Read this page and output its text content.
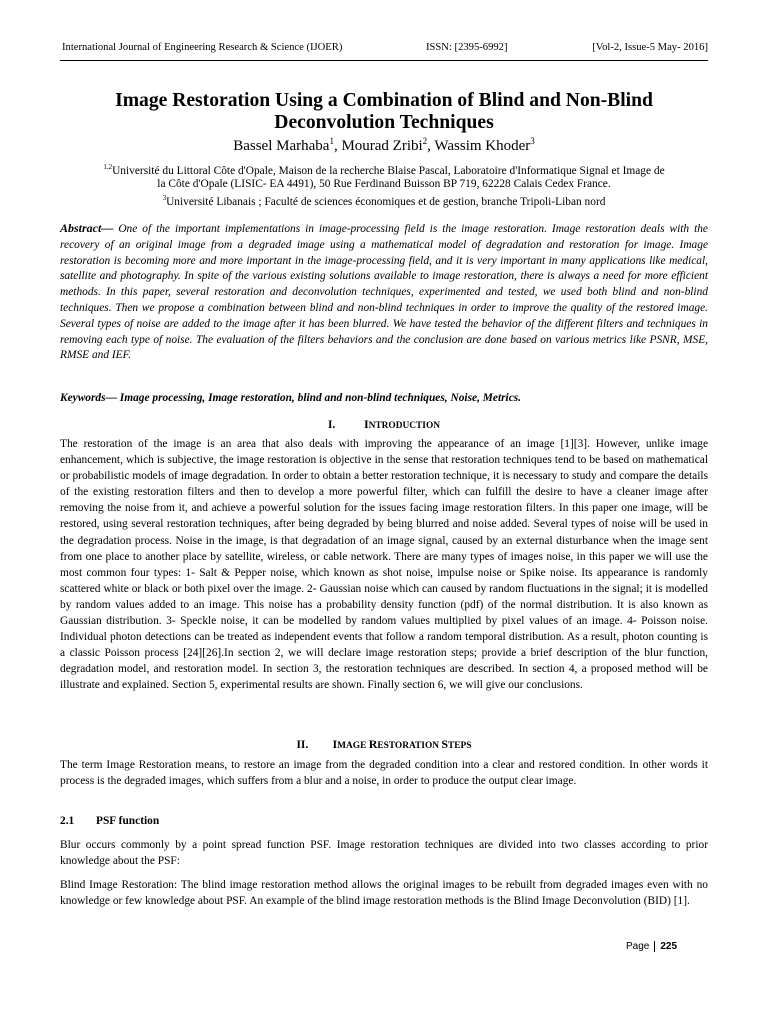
International Journal of Engineering Research & Science (IJOER)	ISSN: [2395-6992]	[Vol-2, Issue-5 May- 2016]
Image Restoration Using a Combination of Blind and Non-Blind
Deconvolution Techniques
Bassel Marhaba$^1$, Mourad Zribi$^2$, Wassim Khoder$^3$
$^{1,2}$Université du Littoral Côte d'Opale, Maison de la recherche Blaise Pascal, Laboratoire d'Informatique Signal et Image de
la Côte d'Opale (LISIC- EA 4491), 50 Rue Ferdinand Buisson BP 719, 62228 Calais Cedex France.
$^3$Université Libanais ; Faculté de sciences économiques et de gestion, branche Tripoli-Liban nord
Abstract— One of the important implementations in image-processing field is the image restoration. Image restoration deals with the recovery of an original image from a degraded image using a mathematical model of degradation and restoration for image. Image restoration is becoming more and more important in the image-processing field, and it is very important in many applications like medical, satellite and photography. In spite of the various existing solutions available to image restoration, there is always a need for more efficient methods. In this paper, several restoration and deconvolution techniques, experimented and tested, we used both blind and non-blind techniques. Then we propose a combination between blind and non-blind techniques in order to improve the quality of the restored image. Several types of noise are added to the image after it has been blurred. We have tested the behavior of the different filters and techniques in removing each type of noise. The evaluation of the filters behaviors and the conclusion are done based on various metrics like PSNR, MSE, RMSE and IEF.
Keywords— Image processing, Image restoration, blind and non-blind techniques, Noise, Metrics.
I. INTRODUCTION
The restoration of the image is an area that also deals with improving the appearance of an image [1][3]. However, unlike image enhancement, which is subjective, the image restoration is objective in the sense that restoration techniques tend to be based on mathematical or probabilistic models of image degradation. In order to obtain a better restoration technique, it is necessary to study and compare the details of the existing restoration filters and then to develop a more powerful filter, which can fulfill the desire to have a cleaner image after removing the noise from it, and achieve a powerful solution for the issues facing image restoration filters. In this paper one image, will be restored, using several restoration techniques, after being degraded by being blurred and noise added. Several types of noise will be used in the degradation process. Noise in the image, is that degradation of an image signal, caused by an external disturbance when the image sent from one place to another place by satellite, wireless, or cable network. There are many types of images noise, in this paper we will use the most common four types: 1- Salt & Pepper noise, which known as shot noise, impulse noise or Spike noise. Its appearance is randomly scattered white or black or both pixel over the image. 2- Gaussian noise which can caused by random fluctuations in the signal; it is modelled by random values added to an image. This noise has a probability density function (pdf) of the normal distribution. It is also known as Gaussian distribution. 3- Speckle noise, it can be modelled by random values multiplied by pixel values of an image. 4- Poisson noise. Individual photon detections can be treated as independent events that follow a random temporal distribution. As a result, photon counting is a classic Poisson process [24][26].In section 2, we will declare image restoration steps; provide a brief description of the blur function, degradation model, and restoration model. In section 3, the restoration techniques are described. In section 4, a proposed method will be illustrate and explained. Section 5, experimental results are shown. Finally section 6, we will give our conclusions.
II. IMAGE RESTORATION STEPS
The term Image Restoration means, to restore an image from the degraded condition into a clear and restored condition. In other words it process is the degraded images, which suffers from a blur and a noise, in order to produce the output clear image.
2.1 PSF function
Blur occurs commonly by a point spread function PSF. Image restoration techniques are divided into two classes according to prior knowledge about the PSF:
Blind Image Restoration: The blind image restoration method allows the original images to be rebuilt from degraded images even with no knowledge or few knowledge about PSF. An example of the blind image restoration methods is the Blind Image Deconvolution (BID) [1].
Page 225
